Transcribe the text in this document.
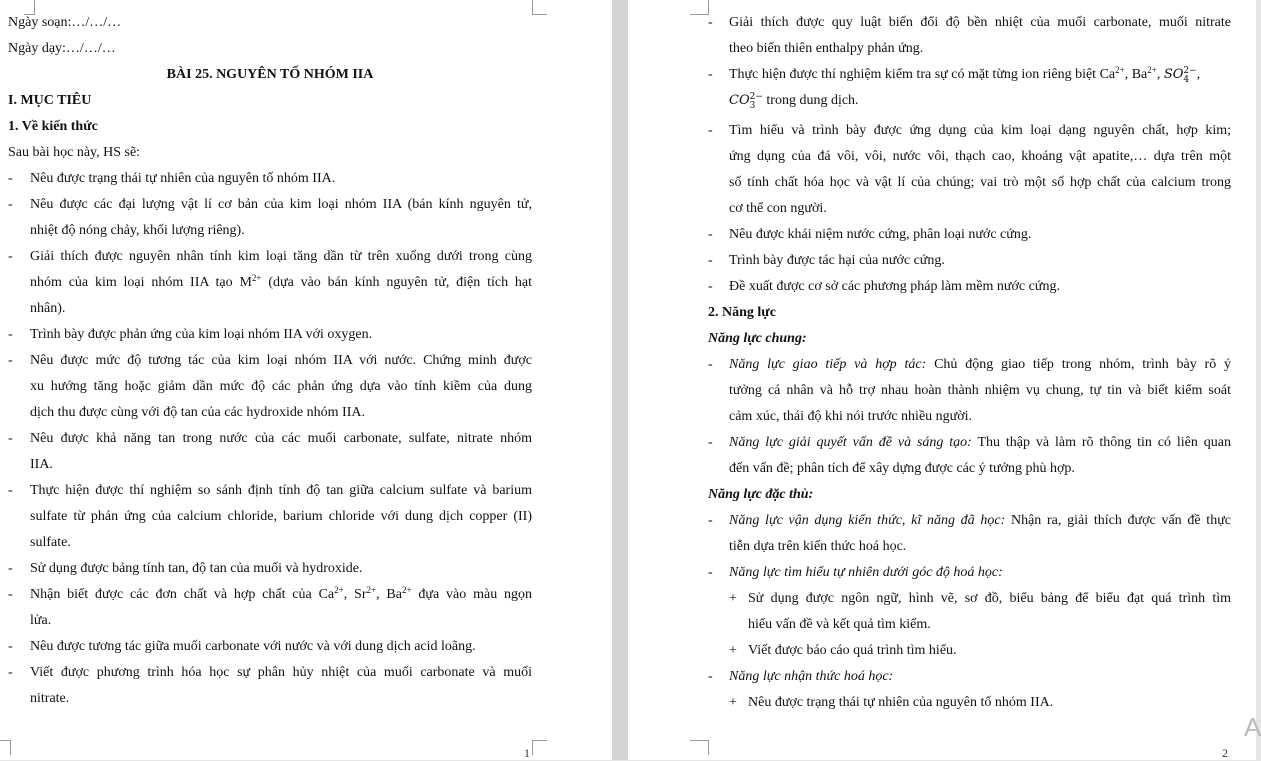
Ngày soạn:…/…/…

Ngày dạy:…/…/…

BÀI 25. NGUYÊN TỐ NHÓM IIA

I. MỤC TIÊU

1. Về kiến thức

Sau bài học này, HS sẽ:

- Nêu được trạng thái tự nhiên của nguyên tố nhóm IIA.

- Nêu được các đại lượng vật lí cơ bản của kim loại nhóm IIA (bán kính nguyên tử,

nhiệt độ nóng chảy, khối lượng riêng).

- Giải thích được nguyên nhân tính kim loại tăng dần từ trên xuống dưới trong cùng

nhóm của kim loại nhóm IIA tạo $M^{2+}$ (dựa vào bán kính nguyên tử, điện tích hạt

nhân).

- Trình bày được phản ứng của kim loại nhóm IIA với oxygen.

- Nêu được mức độ tương tác của kim loại nhóm IIA với nước. Chứng minh được

xu hướng tăng hoặc giảm dần mức độ các phản ứng dựa vào tính kiềm của dung

dịch thu được cùng với độ tan của các hydroxide nhóm IIA.

- Nêu được khả năng tan trong nước của các muối carbonate, sulfate, nitrate nhóm

IIA.

- Thực hiện được thí nghiệm so sánh định tính độ tan giữa calcium sulfate và barium

sulfate từ phản ứng của calcium chloride, barium chloride với dung dịch copper (II)

sulfate.

- Sử dụng được bảng tính tan, độ tan của muối và hydroxide.

- Nhận biết được các đơn chất và hợp chất của $Ca^{2+}$, $Sr^{2+}$, $Ba^{2+}$ đựa vào màu ngọn

lửa.

- Nêu được tương tác giữa muối carbonate với nước và với dung dịch acid loãng.

- Viết được phương trình hóa học sự phân hủy nhiệt của muối carbonate và muối

nitrate.

1
- Giải thích được quy luật biến đổi độ bền nhiệt của muối carbonate, muối nitrate

theo biến thiên enthalpy phản ứng.

- Thực hiện được thí nghiệm kiểm tra sự có mặt từng ion riêng biệt $Ca^{2+}$, $Ba^{2+}$, SO 2−
4 ,

CO 2−
3 trong dung dịch.

- Tìm hiểu và trình bày được ứng dụng của kim loại dạng nguyên chất, hợp kim;

ứng dụng của đá vôi, vôi, nước vôi, thạch cao, khoáng vật apatite,… dựa trên một

số tính chất hóa học và vật lí của chúng; vai trò một số hợp chất của calcium trong

cơ thể con người.

- Nêu được khái niệm nước cứng, phân loại nước cứng.

- Trình bày được tác hại của nước cứng.

- Đề xuất được cơ sở các phương pháp làm mềm nước cứng.

2. Năng lực

Năng lực chung:

- Năng lực giao tiếp và hợp tác: Chủ động giao tiếp trong nhóm, trình bày rõ ý

tưởng cá nhân và hỗ trợ nhau hoàn thành nhiệm vụ chung, tự tin và biết kiểm soát

cảm xúc, thái độ khi nói trước nhiều người.

- Năng lực giải quyết vấn đề và sáng tạo: Thu thập và làm rõ thông tin có liên quan

đến vấn đề; phân tích để xây dựng được các ý tưởng phù hợp.

Năng lực đặc thù:

- Năng lực vận dụng kiến thức, kĩ năng đã học: Nhận ra, giải thích được vấn đề thực

tiễn dựa trên kiến thức hoá học.

- Năng lực tìm hiểu tự nhiên dưới góc độ hoá học:

+ Sử dụng được ngôn ngữ, hình vẽ, sơ đồ, biểu bảng để biểu đạt quá trình tìm

hiểu vấn đề và kết quả tìm kiếm.

+ Viết được báo cáo quá trình tìm hiểu.

- Năng lực nhận thức hoá học:

+ Nêu được trạng thái tự nhiên của nguyên tố nhóm IIA.

2
A
